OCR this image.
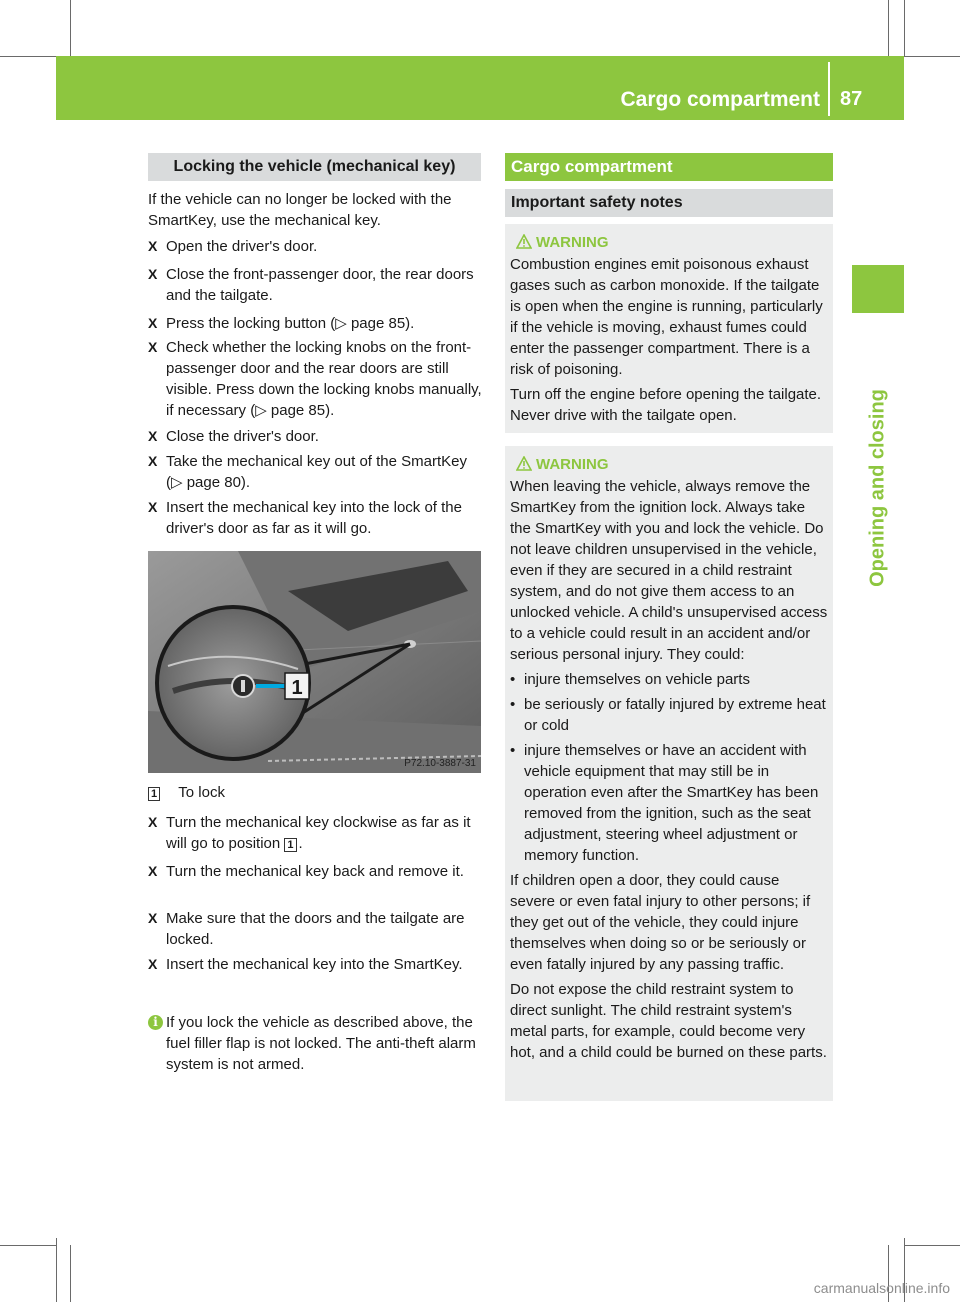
Cargo compartment 87
Opening and closing
Locking the vehicle (mechanical key)
If the vehicle can no longer be locked with the SmartKey, use the mechanical key.
X Open the driver's door.
X Close the front-passenger door, the rear doors and the tailgate.
X Press the locking button (▷ page 85).
X Check whether the locking knobs on the front-passenger door and the rear doors are still visible. Press down the locking knobs manually, if necessary (▷ page 85).
X Close the driver's door.
X Take the mechanical key out of the SmartKey (▷ page 80).
X Insert the mechanical key into the lock of the driver's door as far as it will go.
1
P72.10-3887-31
1 To lock
X Turn the mechanical key clockwise as far as it will go to position 1 .
X Turn the mechanical key back and remove it.
X Make sure that the doors and the tailgate are locked.
X Insert the mechanical key into the SmartKey.
i If you lock the vehicle as described above, the fuel filler flap is not locked. The anti-theft alarm system is not armed.
Cargo compartment
Important safety notes
WARNING

Combustion engines emit poisonous exhaust gases such as carbon monoxide. If the tailgate is open when the engine is running, particularly if the vehicle is moving, exhaust fumes could enter the passenger compartment. There is a risk of poisoning.

Turn off the engine before opening the tailgate. Never drive with the tailgate open.

WARNING

When leaving the vehicle, always remove the SmartKey from the ignition lock. Always take the SmartKey with you and lock the vehicle. Do not leave children unsupervised in the vehicle, even if they are secured in a child restraint system, and do not give them access to an unlocked vehicle. A child's unsupervised access to a vehicle could result in an accident and/or serious personal injury. They could:

• injure themselves on vehicle parts

• be seriously or fatally injured by extreme heat or cold

• injure themselves or have an accident with vehicle equipment that may still be in operation even after the SmartKey has been removed from the ignition, such as the seat adjustment, steering wheel adjustment or memory function.

If children open a door, they could cause severe or even fatal injury to other persons; if they get out of the vehicle, they could injure themselves when doing so or be seriously or even fatally injured by any passing traffic.

Do not expose the child restraint system to direct sunlight. The child restraint system's metal parts, for example, could become very hot, and a child could be burned on these parts.

carmanualsonline.info
